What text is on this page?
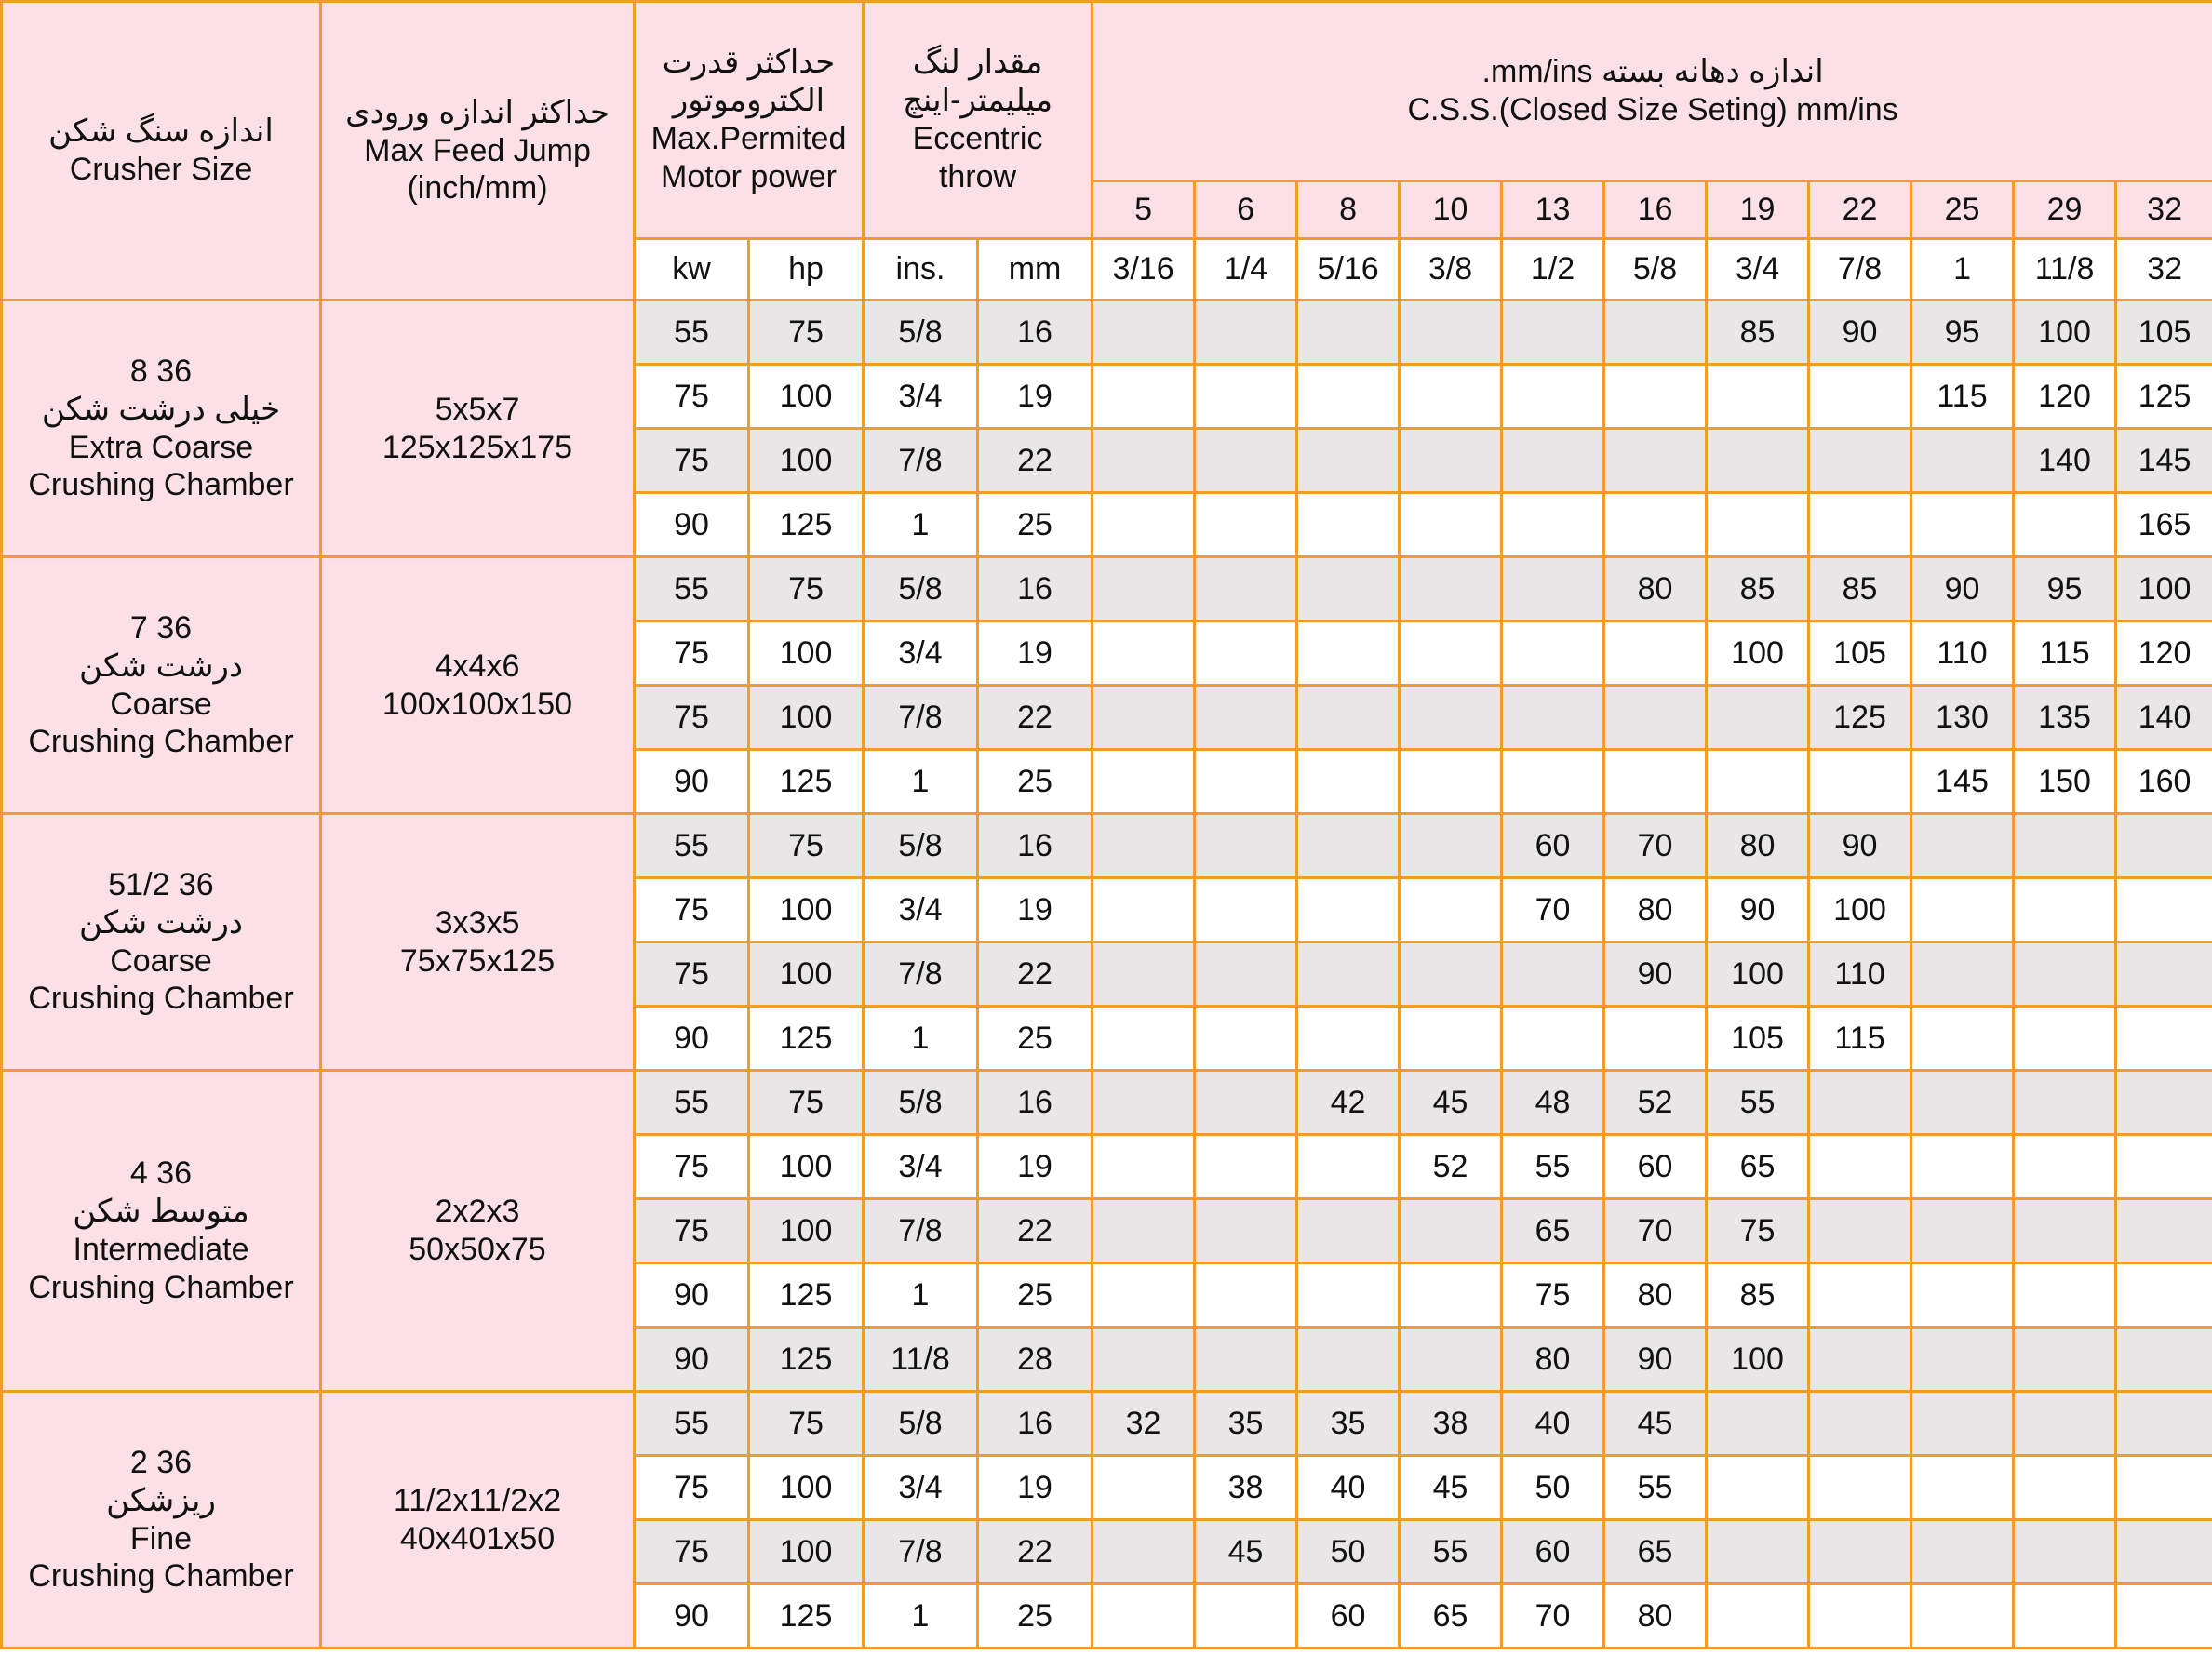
اندازه سنگ شکن
Crusher Size	حداکثر اندازه ورودی
Max Feed Jump
(inch/mm)	حداکثر قدرت
الکتروموتور
Max.Permited
Motor power		مقدار لنگ
میلیمتر-اینچ
Eccentric
throw		اندازه دهانه بسته mm/ins.
C.S.S.(Closed Size Seting) mm/ins										

						5	6	8	10	13	16	19	22	25	29	32
		kw	hp	ins.	mm	3/16	1/4	5/16	3/8	1/2	5/8	3/4	7/8	1	11/8	32

8 36
خیلی درشت شکن
Extra Coarse
Crushing Chamber	5x5x7
125x125x175	55	75	5/8	16							85	90	95	100	105
		75	100	3/4	19									115	120	125
		75	100	7/8	22										140	145
		90	125	1	25											165

7 36
درشت شکن
Coarse
Crushing Chamber	4x4x6
100x100x150	55	75	5/8	16						80	85	85	90	95	100
		75	100	3/4	19							100	105	110	115	120
		75	100	7/8	22								125	130	135	140
		90	125	1	25									145	150	160

51/2 36
درشت شکن
Coarse
Crushing Chamber	3x3x5
75x75x125	55	75	5/8	16					60	70	80	90			
		75	100	3/4	19					70	80	90	100			
		75	100	7/8	22						90	100	110			
		90	125	1	25							105	115			

4 36
متوسط شکن
Intermediate
Crushing Chamber	2x2x3
50x50x75	55	75	5/8	16			42	45	48	52	55				
		75	100	3/4	19				52	55	60	65				
		75	100	7/8	22					65	70	75				
		90	125	1	25					75	80	85				
		90	125	11/8	28					80	90	100				

2 36
ریزشکن
Fine
Crushing Chamber	11/2x11/2x2
40x401x50	55	75	5/8	16	32	35	35	38	40	45					
		75	100	3/4	19		38	40	45	50	55					
		75	100	7/8	22		45	50	55	60	65					
		90	125	1	25			60	65	70	80					
